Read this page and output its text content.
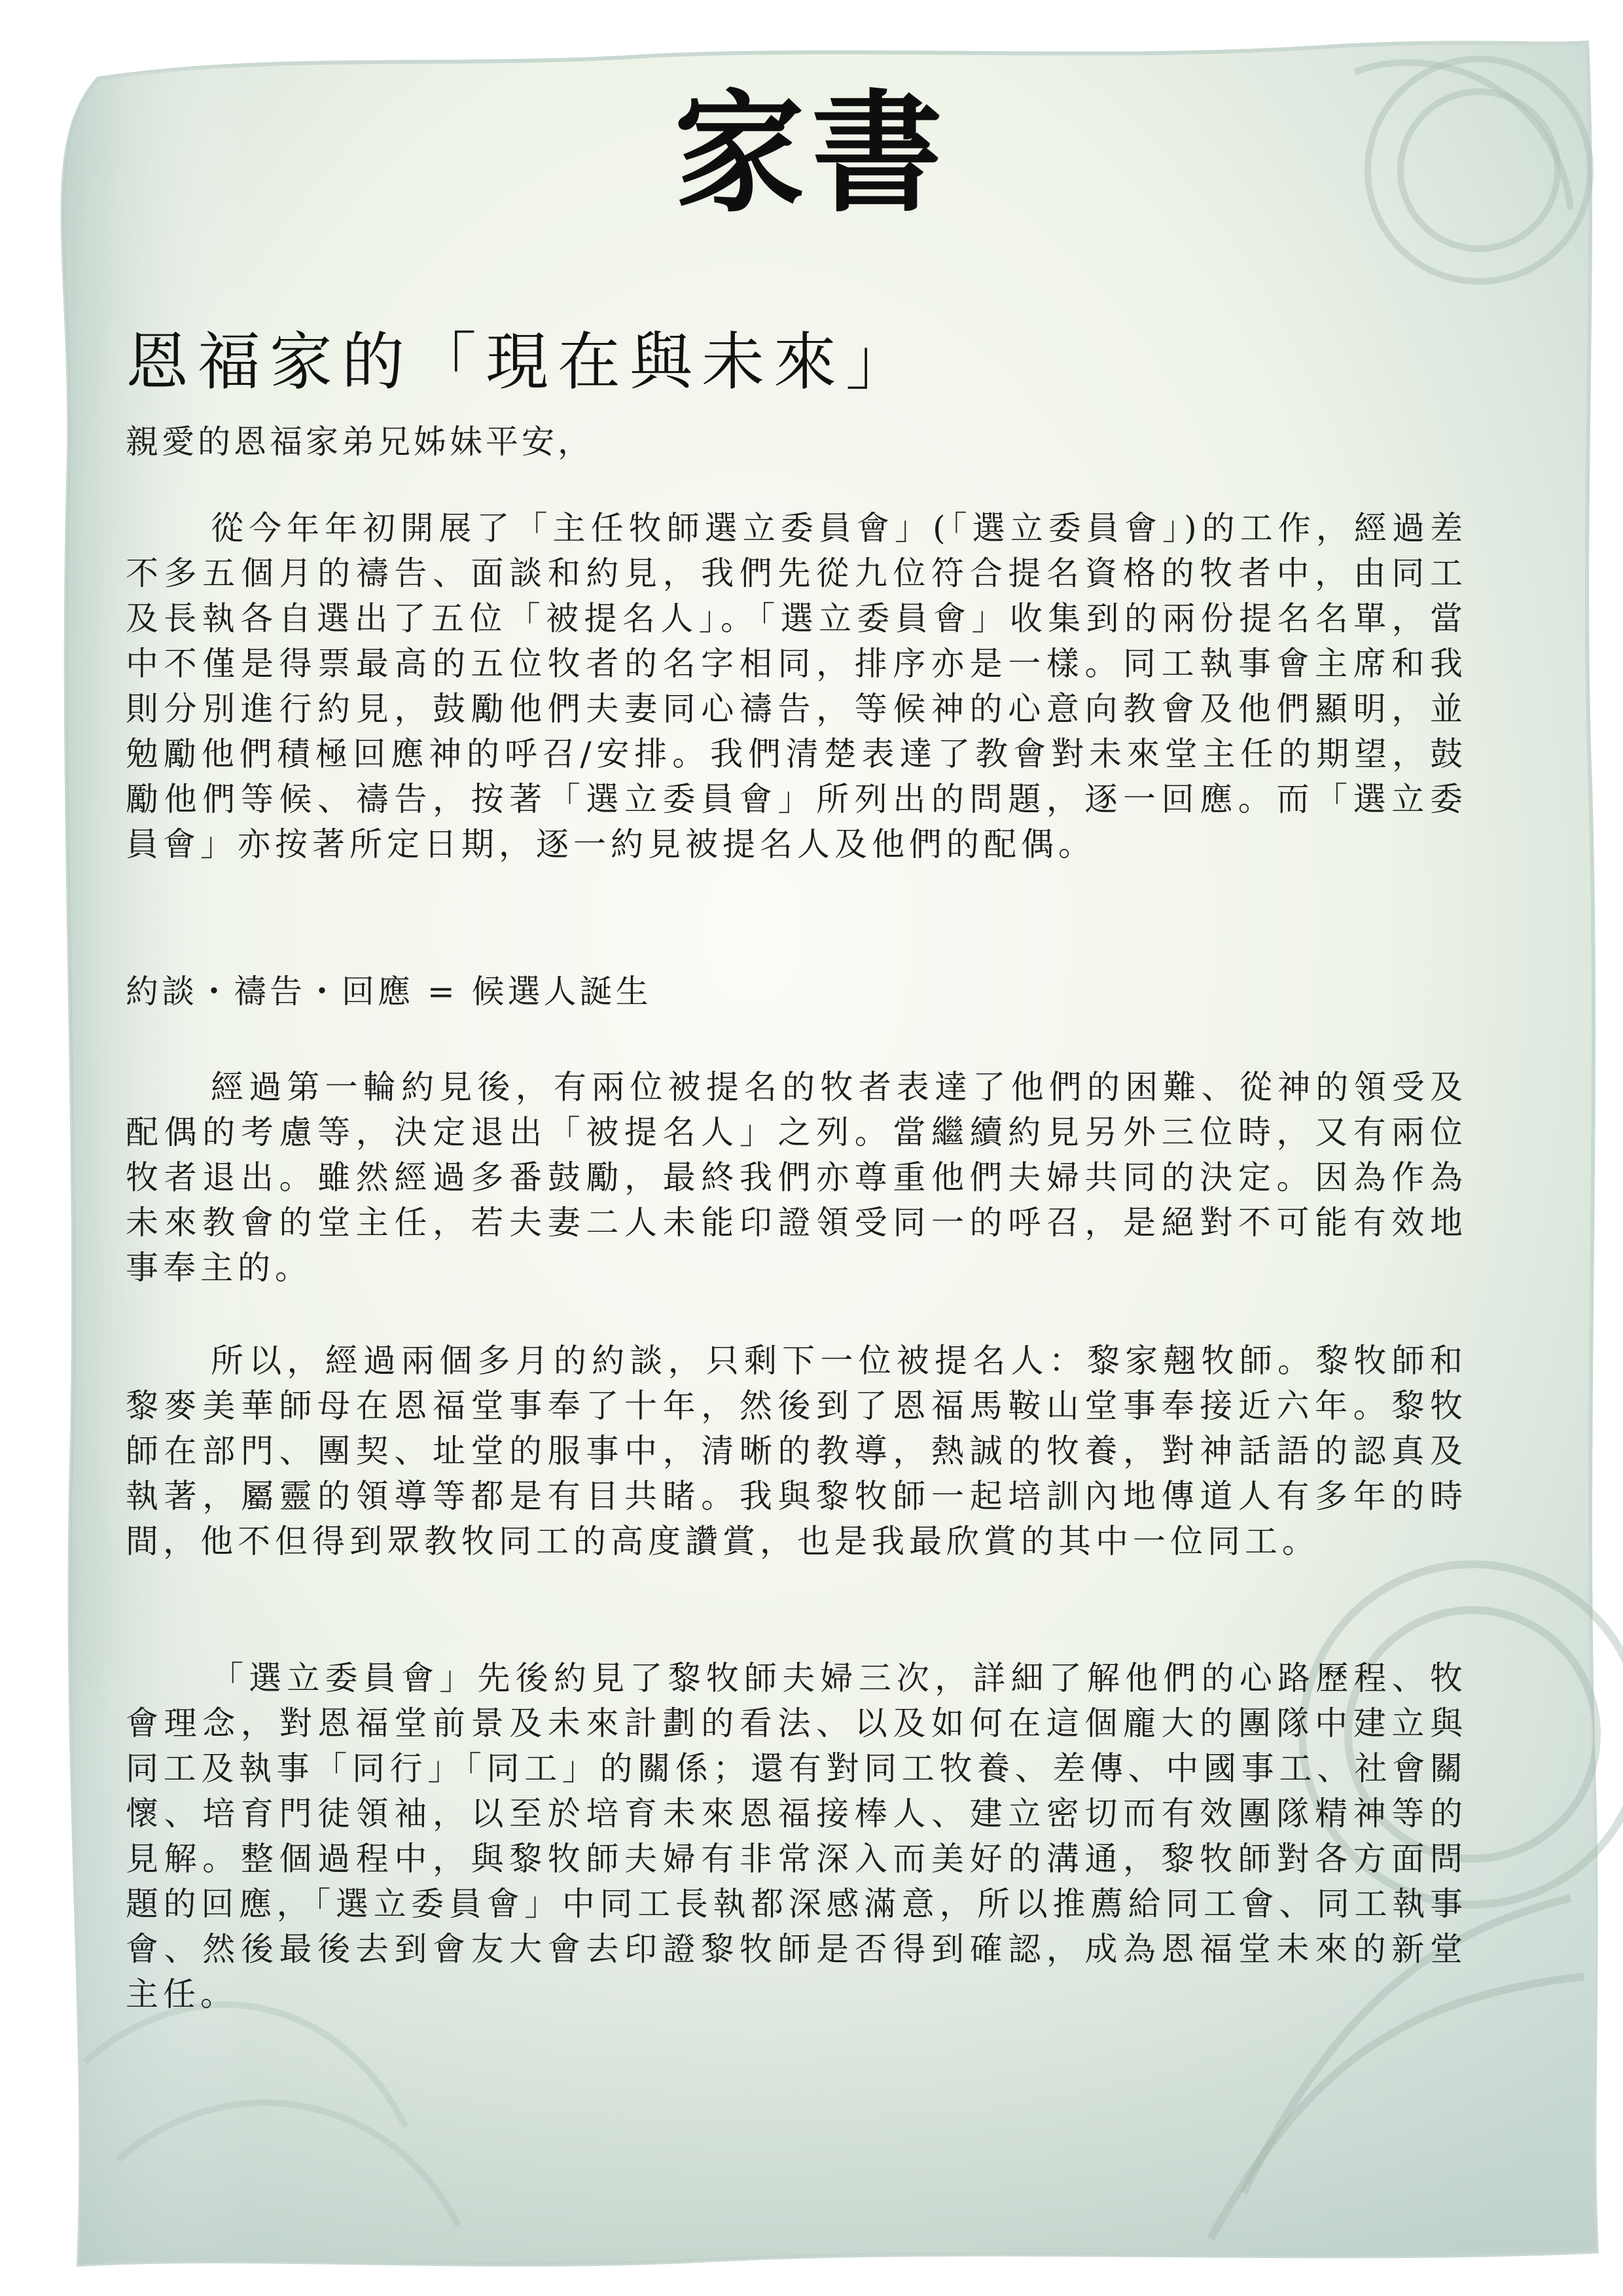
家書
恩福家的「現在與未來」

親愛的恩福家弟兄姊妹平安，

從今年年初開展了「主任牧師選立委員會」(「選立委員會」)的工作，經過差不多五個月的禱告、面談和約見，我們先從九位符合提名資格的牧者中，由同工及長執各自選出了五位「被提名人」。「選立委員會」收集到的兩份提名名單，當中不僅是得票最高的五位牧者的名字相同，排序亦是一樣。同工執事會主席和我則分別進行約見，鼓勵他們夫妻同心禱告，等候神的心意向教會及他們顯明，並勉勵他們積極回應神的呼召/安排。我們清楚表達了教會對未來堂主任的期望，鼓勵他們等候、禱告，按著「選立委員會」所列出的問題，逐一回應。而「選立委員會」亦按著所定日期，逐一約見被提名人及他們的配偶。

約談・禱告・回應 = 候選人誕生

經過第一輪約見後，有兩位被提名的牧者表達了他們的困難、從神的領受及配偶的考慮等，決定退出「被提名人」之列。當繼續約見另外三位時，又有兩位牧者退出。雖然經過多番鼓勵，最終我們亦尊重他們夫婦共同的決定。因為作為未來教會的堂主任，若夫妻二人未能印證領受同一的呼召，是絕對不可能有效地事奉主的。

所以，經過兩個多月的約談，只剩下一位被提名人：黎家翹牧師。黎牧師和黎麥美華師母在恩福堂事奉了十年，然後到了恩福馬鞍山堂事奉接近六年。黎牧師在部門、團契、址堂的服事中，清晰的教導，熱誠的牧養，對神話語的認真及執著，屬靈的領導等都是有目共睹。我與黎牧師一起培訓內地傳道人有多年的時間，他不但得到眾教牧同工的高度讚賞，也是我最欣賞的其中一位同工。

「選立委員會」先後約見了黎牧師夫婦三次，詳細了解他們的心路歷程、牧會理念，對恩福堂前景及未來計劃的看法、以及如何在這個龐大的團隊中建立與同工及執事「同行」「同工」的關係；還有對同工牧養、差傳、中國事工、社會關懷、培育門徒領袖，以至於培育未來恩福接棒人、建立密切而有效團隊精神等的見解。整個過程中，與黎牧師夫婦有非常深入而美好的溝通，黎牧師對各方面問題的回應，「選立委員會」中同工長執都深感滿意，所以推薦給同工會、同工執事會、然後最後去到會友大會去印證黎牧師是否得到確認，成為恩福堂未來的新堂主任。
